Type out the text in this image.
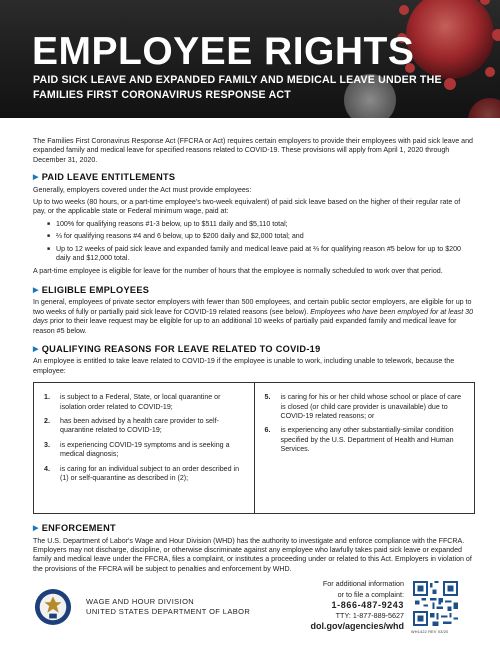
EMPLOYEE RIGHTS
PAID SICK LEAVE AND EXPANDED FAMILY AND MEDICAL LEAVE UNDER THE FAMILIES FIRST CORONAVIRUS RESPONSE ACT

The Families First Coronavirus Response Act (FFCRA or Act) requires certain employers to provide their employees with paid sick leave and expanded family and medical leave for specified reasons related to COVID-19. These provisions will apply from April 1, 2020 through December 31, 2020.

▶ PAID LEAVE ENTITLEMENTS

Generally, employers covered under the Act must provide employees:

Up to two weeks (80 hours, or a part-time employee's two-week equivalent) of paid sick leave based on the higher of their regular rate of pay, or the applicable state or Federal minimum wage, paid at:

■ 100% for qualifying reasons #1-3 below, up to $511 daily and $5,110 total;
■ ⅔ for qualifying reasons #4 and 6 below, up to $200 daily and $2,000 total; and
■ Up to 12 weeks of paid sick leave and expanded family and medical leave paid at ⅔ for qualifying reason #5 below for up to $200 daily and $12,000 total.

A part-time employee is eligible for leave for the number of hours that the employee is normally scheduled to work over that period.

▶ ELIGIBLE EMPLOYEES

In general, employees of private sector employers with fewer than 500 employees, and certain public sector employers, are eligible for up to two weeks of fully or partially paid sick leave for COVID-19 related reasons (see below). Employees who have been employed for at least 30 days prior to their leave request may be eligible for up to an additional 10 weeks of partially paid expanded family and medical leave for reason #5 below.

▶ QUALIFYING REASONS FOR LEAVE RELATED TO COVID-19

An employee is entitled to take leave related to COVID-19 if the employee is unable to work, including unable to telework, because the employee:

1.	is subject to a Federal, State, or local quarantine or isolation order related to COVID-19;
2.	has been advised by a health care provider to self-quarantine related to COVID-19;
3.	is experiencing COVID-19 symptoms and is seeking a medical diagnosis;
4.	is caring for an individual subject to an order described in (1) or self-quarantine as described in (2);
5.	is caring for his or her child whose school or place of care is closed (or child care provider is unavailable) due to COVID-19 related reasons; or
6.	is experiencing any other substantially-similar condition specified by the U.S. Department of Health and Human Services.
▶ ENFORCEMENT

The U.S. Department of Labor's Wage and Hour Division (WHD) has the authority to investigate and enforce compliance with the FFCRA. Employers may not discharge, discipline, or otherwise discriminate against any employee who lawfully takes paid sick leave or expanded family and medical leave under the FFCRA, files a complaint, or institutes a proceeding under or related to this Act. Employers in violation of the provisions of the FFCRA will be subject to penalties and enforcement by WHD.

WAGE AND HOUR DIVISION
UNITED STATES DEPARTMENT OF LABOR
For additional information
or to file a complaint:
1-866-487-9243
TTY: 1-877-889-5627
dol.gov/agencies/whd
WH1422 REV 03/20
